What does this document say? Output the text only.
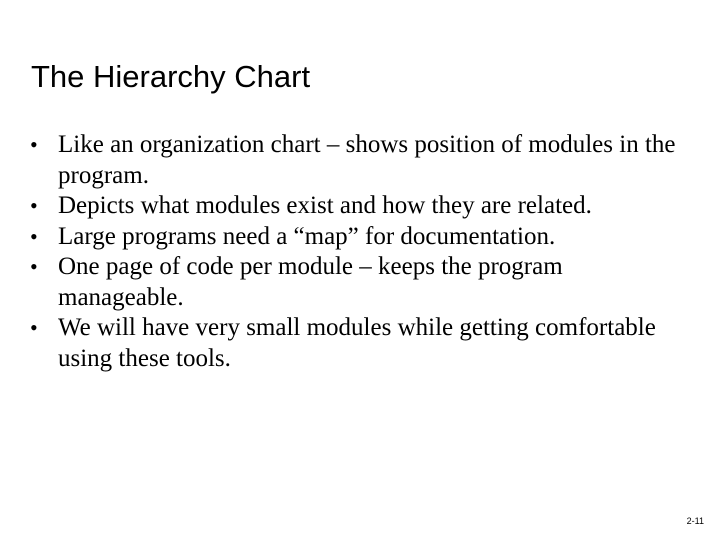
The Hierarchy Chart
• Like an organization chart – shows position of modules in the program.
• Depicts what modules exist and how they are related.
• Large programs need a “map” for documentation.
• One page of code per module – keeps the program manageable.
• We will have very small modules while getting comfortable using these tools.
2-11
